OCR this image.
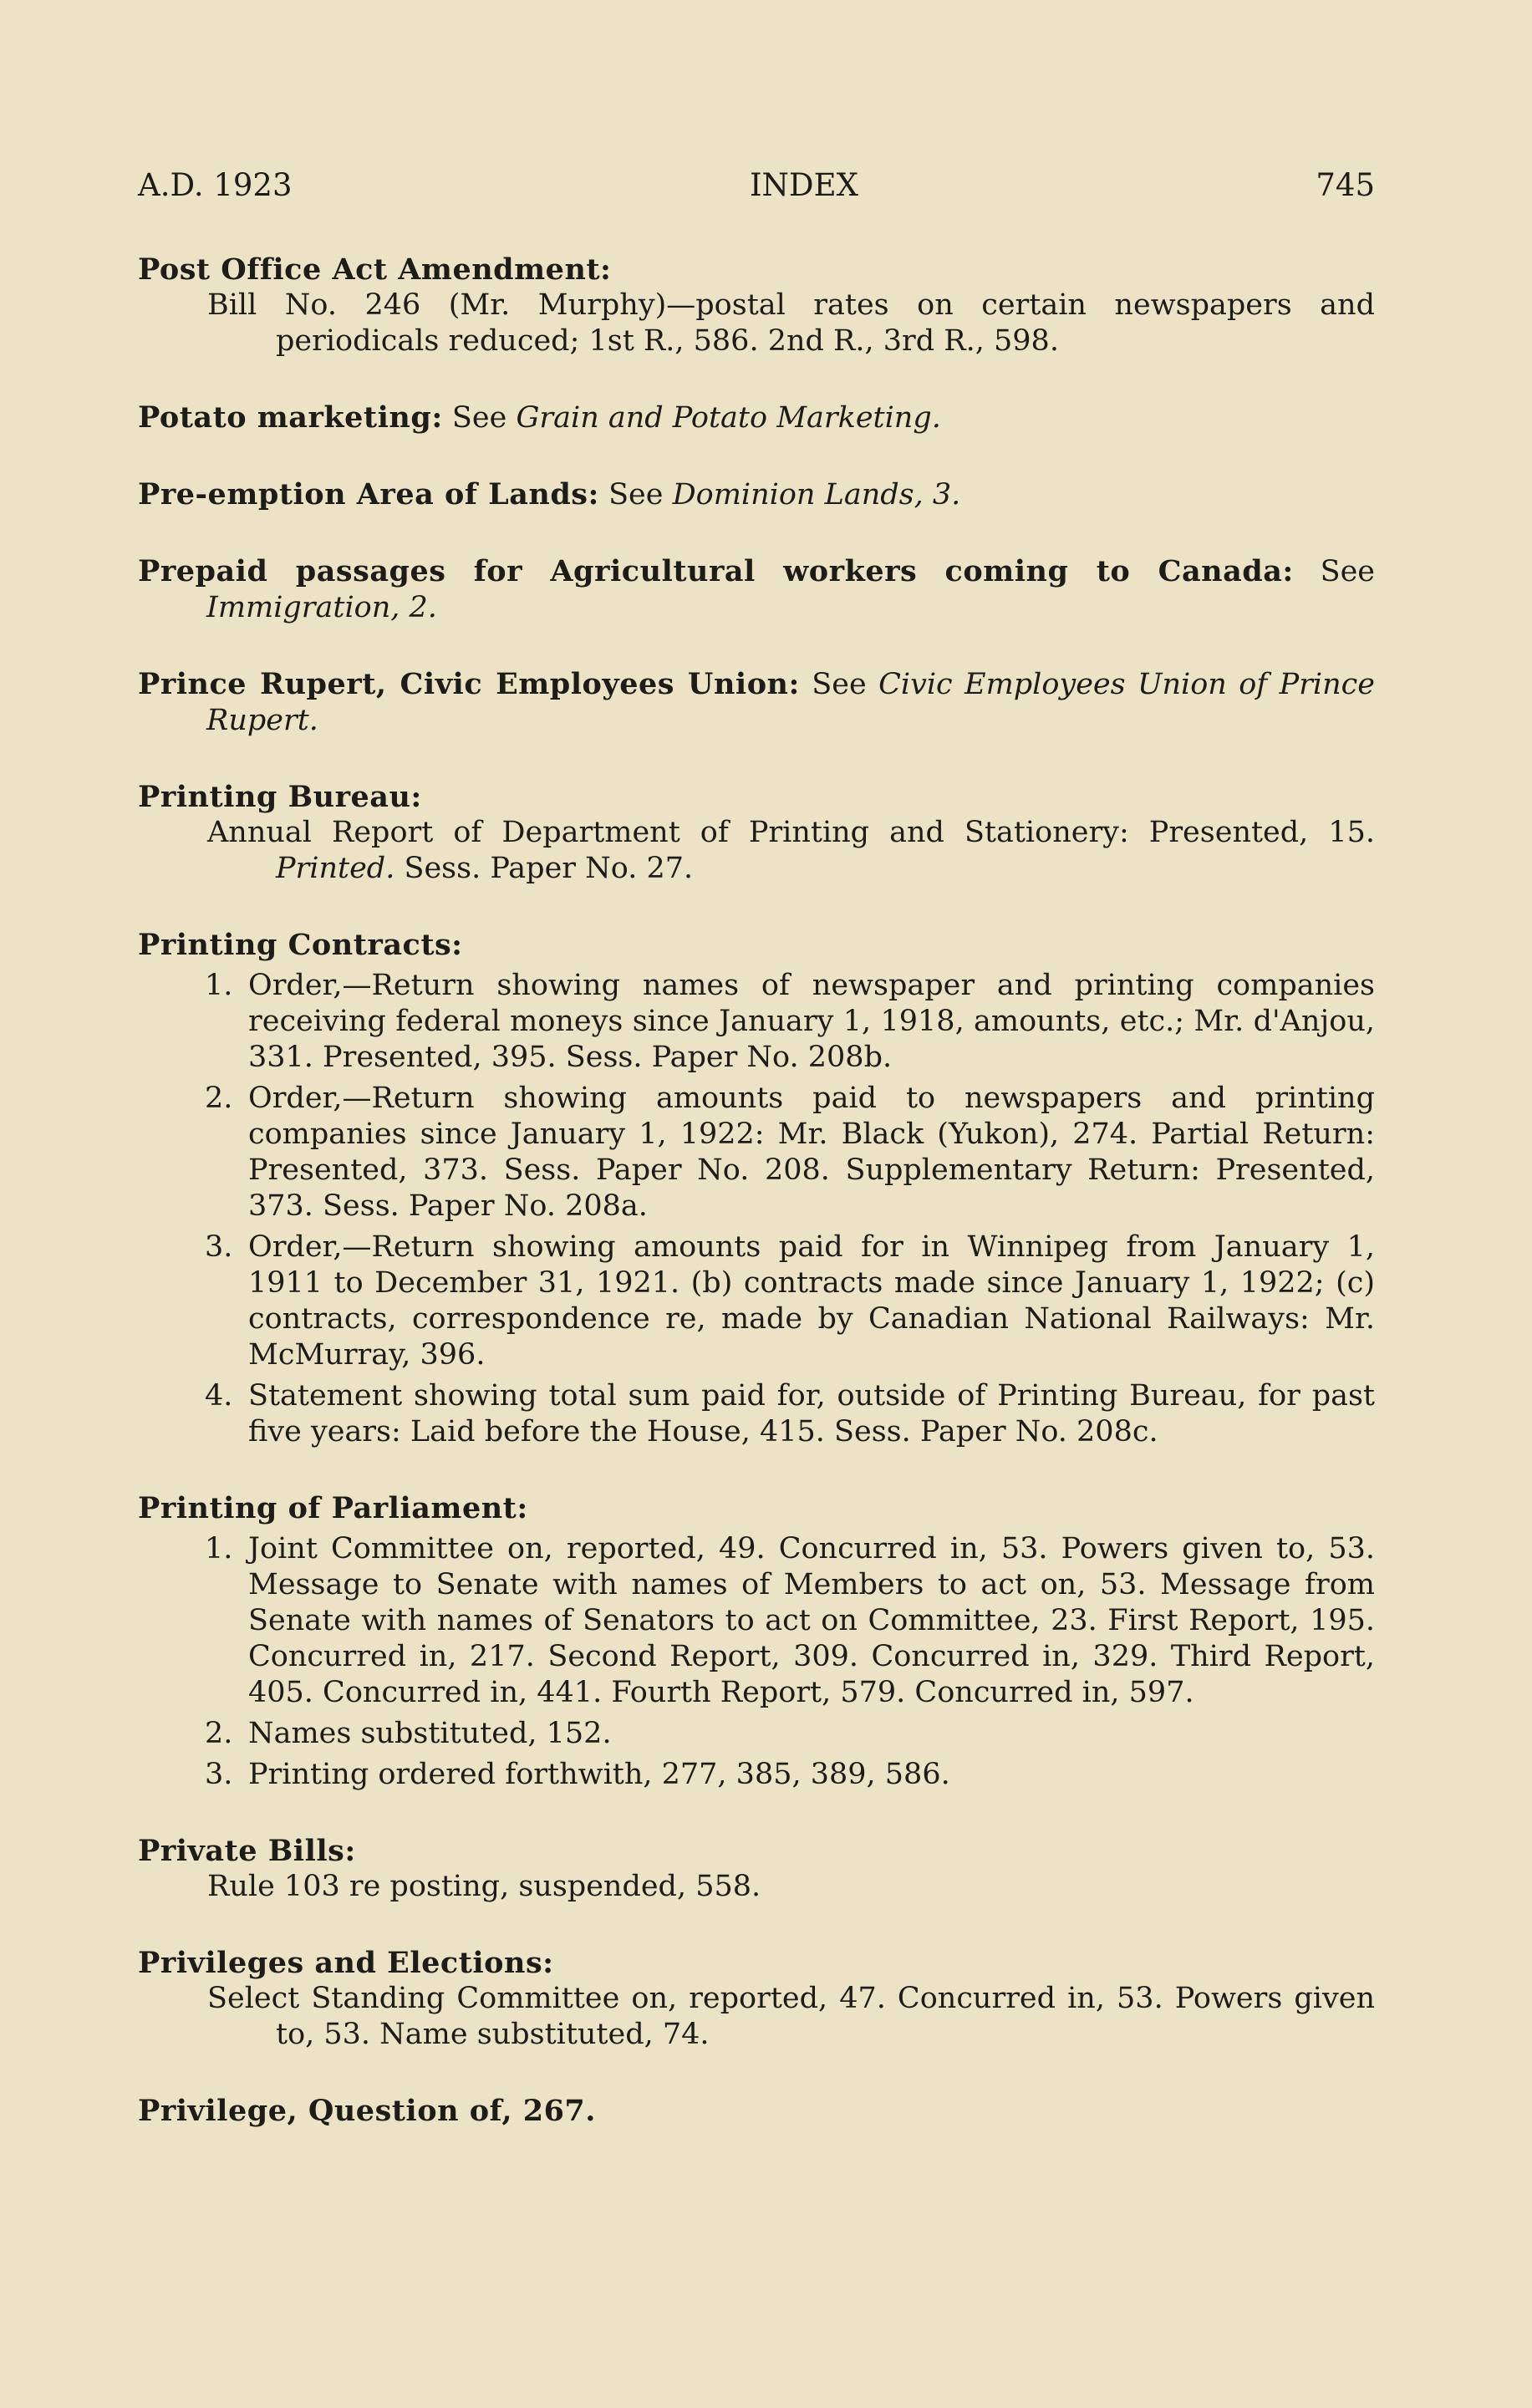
A.D. 1923	INDEX	745
Post Office Act Amendment:
Bill No. 246 (Mr. Murphy)—postal rates on certain newspapers and periodicals reduced; 1st R., 586. 2nd R., 3rd R., 598.
Potato marketing: See Grain and Potato Marketing.
Pre-emption Area of Lands: See Dominion Lands, 3.
Prepaid passages for Agricultural workers coming to Canada: See Immigration, 2.
Prince Rupert, Civic Employees Union: See Civic Employees Union of Prince Rupert.
Printing Bureau:
Annual Report of Department of Printing and Stationery: Presented, 15. Printed. Sess. Paper No. 27.
Printing Contracts:
1. Order,—Return showing names of newspaper and printing companies receiving federal moneys since January 1, 1918, amounts, etc.; Mr. d'Anjou, 331. Presented, 395. Sess. Paper No. 208b.
2. Order,—Return showing amounts paid to newspapers and printing companies since January 1, 1922: Mr. Black (Yukon), 274. Partial Return: Presented, 373. Sess. Paper No. 208. Supplementary Return: Presented, 373. Sess. Paper No. 208a.
3. Order,—Return showing amounts paid for in Winnipeg from January 1, 1911 to December 31, 1921. (b) contracts made since January 1, 1922; (c) contracts, correspondence re, made by Canadian National Railways: Mr. McMurray, 396.
4. Statement showing total sum paid for, outside of Printing Bureau, for past five years: Laid before the House, 415. Sess. Paper No. 208c.
Printing of Parliament:
1. Joint Committee on, reported, 49. Concurred in, 53. Powers given to, 53. Message to Senate with names of Members to act on, 53. Message from Senate with names of Senators to act on Committee, 23. First Report, 195. Concurred in, 217. Second Report, 309. Concurred in, 329. Third Report, 405. Concurred in, 441. Fourth Report, 579. Concurred in, 597.
2. Names substituted, 152.
3. Printing ordered forthwith, 277, 385, 389, 586.
Private Bills:
Rule 103 re posting, suspended, 558.
Privileges and Elections:
Select Standing Committee on, reported, 47. Concurred in, 53. Powers given to, 53. Name substituted, 74.
Privilege, Question of, 267.
